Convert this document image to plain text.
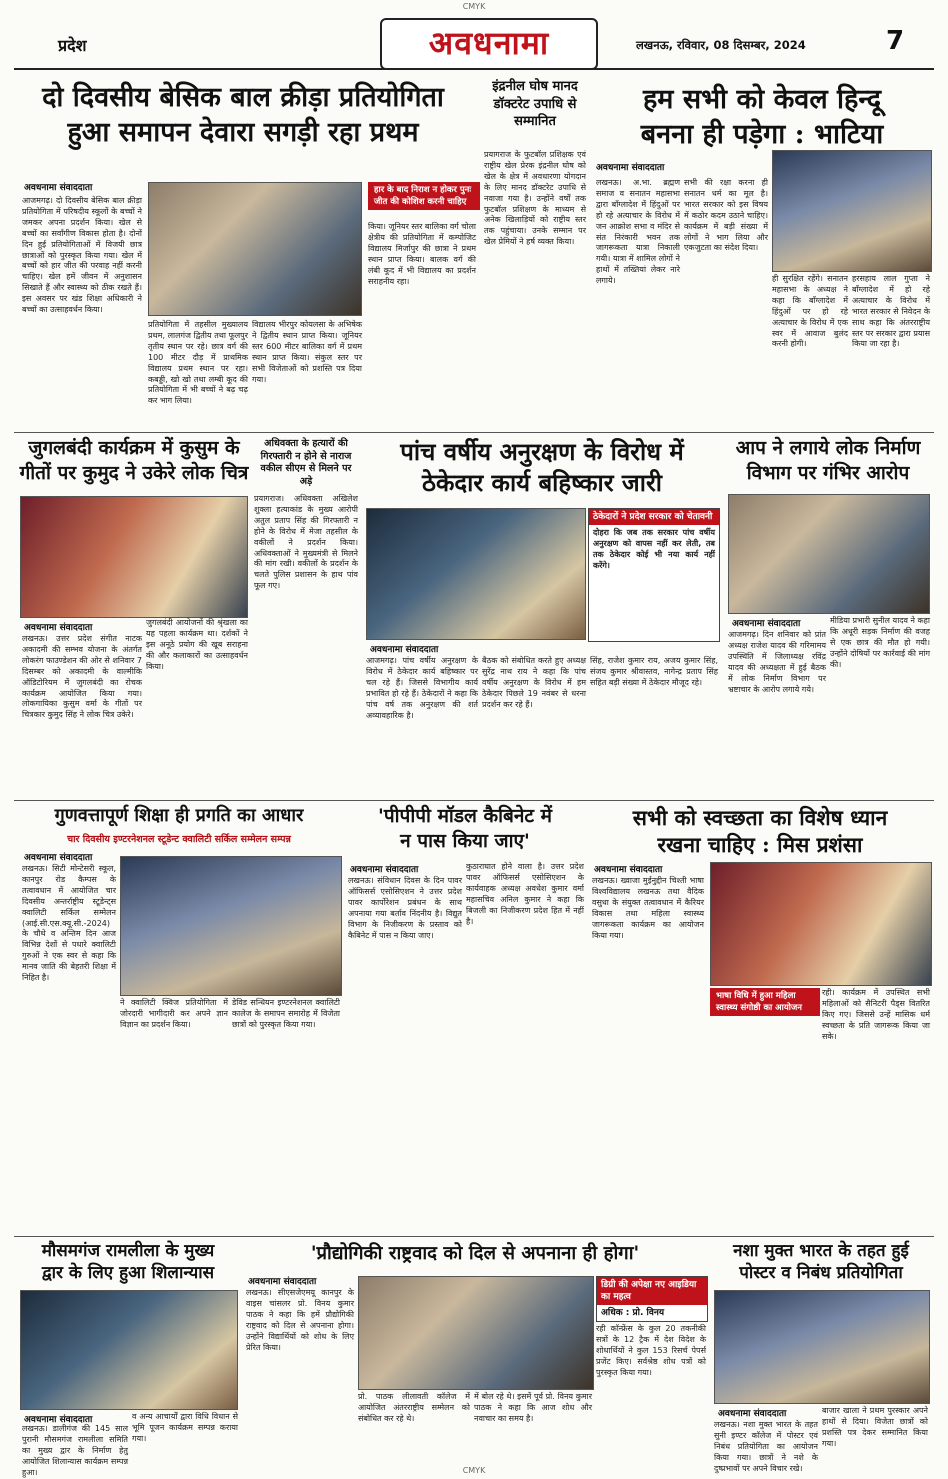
CMYK
प्रदेश	अवधनामा	लखनऊ, रविवार, 08 दिसम्बर, 2024	7
दो दिवसीय बेसिक बाल क्रीड़ा प्रतियोगिता
हुआ समापन देवारा सगड़ी रहा प्रथम
अवधनामा संवाददाता
आजमगढ़। दो दिवसीय बेसिक बाल क्रीड़ा प्रतियोगिता में परिषदीय स्कूलों के बच्चों ने जमकर अपना प्रदर्शन किया। खेल से बच्चों का सर्वांगीण विकास होता है। दोनों दिन हुई प्रतियोगिताओं में विजयी छात्र छात्राओं को पुरस्कृत किया गया। खेल में बच्चों को हार जीत की परवाह नहीं करनी चाहिए। खेल हमें जीवन में अनुशासन सिखाते हैं और स्वास्थ्य को ठीक रखते हैं। इस अवसर पर खंड शिक्षा अधिकारी ने बच्चों का उत्साहवर्धन किया।
प्रतियोगिता में तहसील मुख्यालय प्रथम, लालगंज द्वितीय तथा फूलपुर तृतीय स्थान पर रहे। छात्र वर्ग की 100 मीटर दौड़ में प्राथमिक विद्यालय प्रथम स्थान पर रहा। कबड्डी, खो खो तथा लम्बी कूद की प्रतियोगिता में भी बच्चों ने बढ़ चढ़ कर भाग लिया।
विद्यालय भीरपुर कोयलसा के अभिषेक ने द्वितीय स्थान प्राप्त किया। जूनियर स्तर 600 मीटर बालिका वर्ग में प्रथम स्थान प्राप्त किया। संकुल स्तर पर सभी विजेताओं को प्रशस्ति पत्र दिया गया।
हार के बाद निराश न होकर पुनः जीत की कोशिश करनी चाहिए
किया। जूनियर स्तर बालिका वर्ग चोला क्षेत्रीय की प्रतियोगिता में कम्पोजिट विद्यालय मिर्जापुर की छात्रा ने प्रथम स्थान प्राप्त किया। बालक वर्ग की लंबी कूद में भी विद्यालय का प्रदर्शन सराहनीय रहा।
इंद्रनील घोष मानद डॉक्टरेट उपाधि से सम्मानित
प्रयागराज के फुटबॉल प्रशिक्षक एवं राष्ट्रीय खेल प्रेरक इंद्रनील घोष को खेल के क्षेत्र में अवधारणा योगदान के लिए मानद डॉक्टरेट उपाधि से नवाजा गया है। उन्होंने वर्षों तक फुटबॉल प्रशिक्षण के माध्यम से अनेक खिलाड़ियों को राष्ट्रीय स्तर तक पहुंचाया। उनके सम्मान पर खेल प्रेमियों ने हर्ष व्यक्त किया।
हम सभी को केवल हिन्दू
बनना ही पड़ेगा : भाटिया
अवधनामा संवाददाता
लखनऊ। अ.भा. ब्रह्मण समाज व सनातन महासभा द्वारा बाँग्लादेश में हिंदुओं पर हो रहे अत्याचार के विरोध में जन आक्रोश सभा व मंदिर से संत निरंकारी भवन तक जागरूकता यात्रा निकाली गयी। यात्रा में शामिल लोगों ने हाथों में तख्तियां लेकर नारे लगाये।
सभी की रक्षा करना ही सनातन धर्म का मूल है। भारत सरकार को इस विषय में कठोर कदम उठाने चाहिए। कार्यक्रम में बड़ी संख्या में लोगों ने भाग लिया और एकजुटता का संदेश दिया।
ही सुरक्षित रहेंगे। सनातन महासभा के अध्यक्ष ने कहा कि बाँग्लादेश में हिंदुओं पर हो रहे अत्याचार के विरोध में एक स्वर में आवाज बुलंद करनी होगी।
हरसहाय लाल गुप्ता ने बाँग्लादेश में हो रहे अत्याचार के विरोध में भारत सरकार से निवेदन के साथ कहा कि अंतरराष्ट्रीय स्तर पर सरकार द्वारा प्रयास किया जा रहा है।
जुगलबंदी कार्यक्रम में कुसुम के
गीतों पर कुमुद ने उकेरे लोक चित्र
अवधनामा संवाददाता
लखनऊ। उत्तर प्रदेश संगीत नाटक अकादमी की सम्भव योजना के अंतर्गत लोकरंग फाउण्डेशन की ओर से शनिवार 7 दिसम्बर को अकादमी के वाल्मीकि ऑडिटोरियम में जुगलबंदी का रोचक कार्यक्रम आयोजित किया गया। लोकगायिका कुसुम वर्मा के गीतों पर चित्रकार कुमुद सिंह ने लोक चित्र उकेरे।
जुगलबंदी आयोजनों की श्रृंखला का यह पहला कार्यक्रम था। दर्शकों ने इस अनूठे प्रयोग की खूब सराहना की और कलाकारों का उत्साहवर्धन किया।
अधिवक्ता के हत्यारों की गिरफ्तारी न होने से नाराज वकील सीएम से मिलने पर अड़े
प्रयागराज। अधिवक्ता अखिलेश शुक्ला हत्याकांड के मुख्य आरोपी अतुल प्रताप सिंह की गिरफ्तारी न होने के विरोध में मेजा तहसील के वकीलों ने प्रदर्शन किया। अधिवक्ताओं ने मुख्यमंत्री से मिलने की मांग रखी। वकीलों के प्रदर्शन के चलते पुलिस प्रशासन के हाथ पांव फूल गए।
पांच वर्षीय अनुरक्षण के विरोध में
ठेकेदार कार्य बहिष्कार जारी
ठेकेदारों ने प्रदेश सरकार को चेतावनी
दोहरा कि जब तक सरकार पांच वर्षीय अनुरक्षण को वापस नहीं कर लेती, तब तक ठेकेदार कोई भी नया कार्य नहीं करेंगे।
अवधनामा संवाददाता
आजमगढ़। पांच वर्षीय अनुरक्षण के विरोध में ठेकेदार कार्य बहिष्कार पर चल रहे हैं। जिससे विभागीय कार्य प्रभावित हो रहे हैं। ठेकेदारों ने कहा कि पांच वर्ष तक अनुरक्षण की शर्त अव्यावहारिक है।
बैठक को संबोधित करते हुए अध्यक्ष सुरेंद्र नाथ राय ने कहा कि पांच वर्षीय अनुरक्षण के विरोध में हम ठेकेदार पिछले 19 नवंबर से धरना प्रदर्शन कर रहे हैं।
सिंह, राजेश कुमार राय, अजय कुमार सिंह, संजय कुमार श्रीवास्तव, नागेन्द्र प्रताप सिंह सहित बड़ी संख्या में ठेकेदार मौजूद रहे।
आप ने लगाये लोक निर्माण
विभाग पर गंभिर आरोप
अवधनामा संवाददाता
आजमगढ़। दिन शनिवार को प्रांत अध्यक्ष राजेश यादव की गरिमामय उपस्थिति में जिलाध्यक्ष रविंद्र यादव की अध्यक्षता में हुई बैठक में लोक निर्माण विभाग पर भ्रष्टाचार के आरोप लगाये गये।
मीडिया प्रभारी सुनील यादव ने कहा कि अधूरी सड़क निर्माण की वजह से एक छात्र की मौत हो गयी। उन्होंने दोषियों पर कार्रवाई की मांग की।
गुणवत्तापूर्ण शिक्षा ही प्रगति का आधार
चार दिवसीय इण्टरनेशनल स्टूडेन्ट क्वालिटी सर्किल सम्मेलन सम्पन्न
अवधनामा संवाददाता
लखनऊ। सिटी मोन्टेसरी स्कूल, कानपुर रोड कैम्पस के तत्वावधान में आयोजित चार दिवसीय अन्तर्राष्ट्रीय स्टूडेन्ट्स क्वालिटी सर्किल सम्मेलन (आई.सी.एस.क्यू.सी.-2024) के चौथे व अन्तिम दिन आज विभिन्न देशों से पधारे क्वालिटी गुरुओं ने एक स्वर से कहा कि मानव जाति की बेहतरी शिक्षा में निहित है।
ने क्वालिटी क्विज प्रतियोगिता में जोरदारी भागीदारी कर अपने ज्ञान विज्ञान का प्रदर्शन किया।
डेविड सन्धियन इण्टरनेशनल क्वालिटी कालेज के समापन समारोह में विजेता छात्रों को पुरस्कृत किया गया।
'पीपीपी मॉडल कैबिनेट में
न पास किया जाए'
अवधनामा संवाददाता
लखनऊ। संविधान दिवस के दिन पावर ऑफिसर्स एसोसिएशन ने उत्तर प्रदेश पावर कार्पोरेशन प्रबंधन के साथ अपनाया गया बर्ताव निंदनीय है। विद्युत विभाग के निजीकरण के प्रस्ताव को कैबिनेट में पास न किया जाए।
कुठाराघात होने वाला है। उत्तर प्रदेश पावर ऑफिसर्स एसोसिएशन के कार्यवाहक अध्यक्ष अवधेश कुमार वर्मा महासचिव अनिल कुमार ने कहा कि बिजली का निजीकरण प्रदेश हित में नहीं है।
सभी को स्वच्छता का विशेष ध्यान
रखना चाहिए : मिस प्रशंसा
अवधनामा संवाददाता
लखनऊ। ख्वाजा मुईनुद्दीन चिश्ती भाषा विश्वविद्यालय लखनऊ तथा वैदिक वसुधा के संयुक्त तत्वावधान में कैरियर विकास तथा महिला स्वास्थ्य जागरूकता कार्यक्रम का आयोजन किया गया।
भाषा विधि में हुआ महिला स्वास्थ्य संगोष्ठी का आयोजन
रही। कार्यक्रम में उपस्थित सभी महिलाओं को सैनिटरी पैड्स वितरित किए गए। जिससे उन्हें मासिक धर्म स्वच्छता के प्रति जागरूक किया जा सके।
मौसमगंज रामलीला के मुख्य
द्वार के लिए हुआ शिलान्यास
अवधनामा संवाददाता
लखनऊ। डालीगंज की 145 साल पुरानी मौसमगंज रामलीला समिति का मुख्य द्वार के निर्माण हेतु आयोजित शिलान्यास कार्यक्रम सम्पन्न हुआ।
व अन्य आचार्यों द्वारा विधि विधान से भूमि पूजन कार्यक्रम सम्पन्न कराया गया।
'प्रौद्योगिकी राष्ट्रवाद को दिल से अपनाना ही होगा'
अवधनामा संवाददाता
लखनऊ। सीएसजेएमयू कानपुर के वाइस चांसलर प्रो. विनय कुमार पाठक ने कहा कि हमें प्रौद्योगिकी राष्ट्रवाद को दिल से अपनाना होगा। उन्होंने विद्यार्थियों को शोध के लिए प्रेरित किया।
प्रो. पाठक लीलावती कॉलेज में आयोजित अंतरराष्ट्रीय सम्मेलन को संबोधित कर रहे थे।
में बोल रहे थे। इसमें पूर्व प्रो. विनय कुमार पाठक ने कहा कि आज शोध और नवाचार का समय है।
डिग्री की अपेक्षा नए आइडिया का महत्व
अधिक : प्रो. विनय
रही कॉन्फ्रेंस के कुल 20 तकनीकी सत्रों के 12 ट्रैक में देश विदेश के शोधार्थियों ने कुल 153 रिसर्च पेपर्स प्रजेंट किए। सर्वश्रेष्ठ शोध पत्रों को पुरस्कृत किया गया।
नशा मुक्त भारत के तहत हुई
पोस्टर व निबंध प्रतियोगिता
अवधनामा संवाददाता
लखनऊ। नशा मुक्त भारत के तहत सुनी इण्टर कॉलेज में पोस्टर एवं निबंध प्रतियोगिता का आयोजन किया गया। छात्रों ने नशे के दुष्प्रभावों पर अपने विचार रखे।
बाजार खाला ने प्रथम पुरस्कार अपने हाथों से दिया। विजेता छात्रों को प्रशस्ति पत्र देकर सम्मानित किया गया।
CMYK
